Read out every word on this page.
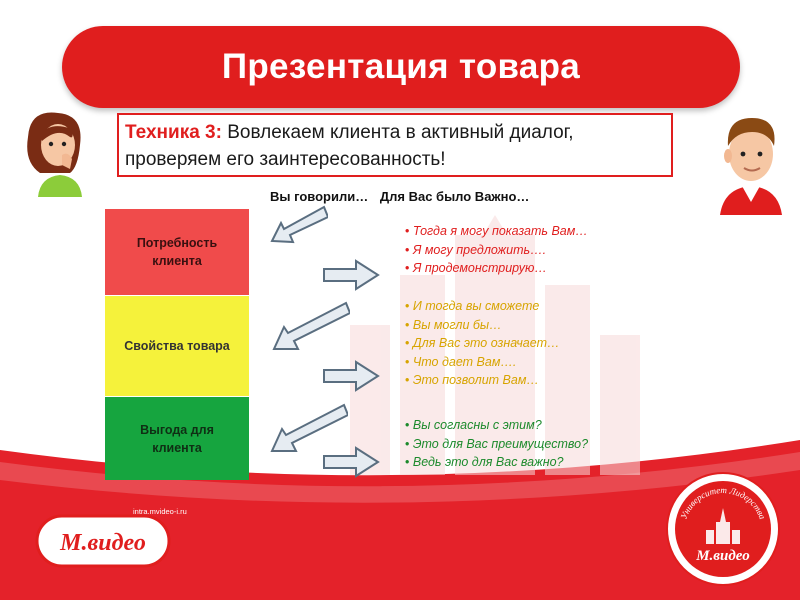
Презентация товара
Техника 3: Вовлекаем клиента в активный диалог,
проверяем его заинтересованность!
Вы говорили… Для Вас было Важно…
Потребность клиента
Свойства товара
Выгода для клиента
• Тогда я могу показать Вам…
• Я могу предложить….
• Я продемонстрирую…
• И тогда вы сможете
• Вы могли бы…
• Для Вас это означает…
• Что дает Вам….
• Это позволит Вам…
• Вы согласны с этим?
• Это для Вас преимущество?
• Ведь это для Вас важно?
intra.mvideo-i.ru
М.видео
Университет Лидерства
М.видео
